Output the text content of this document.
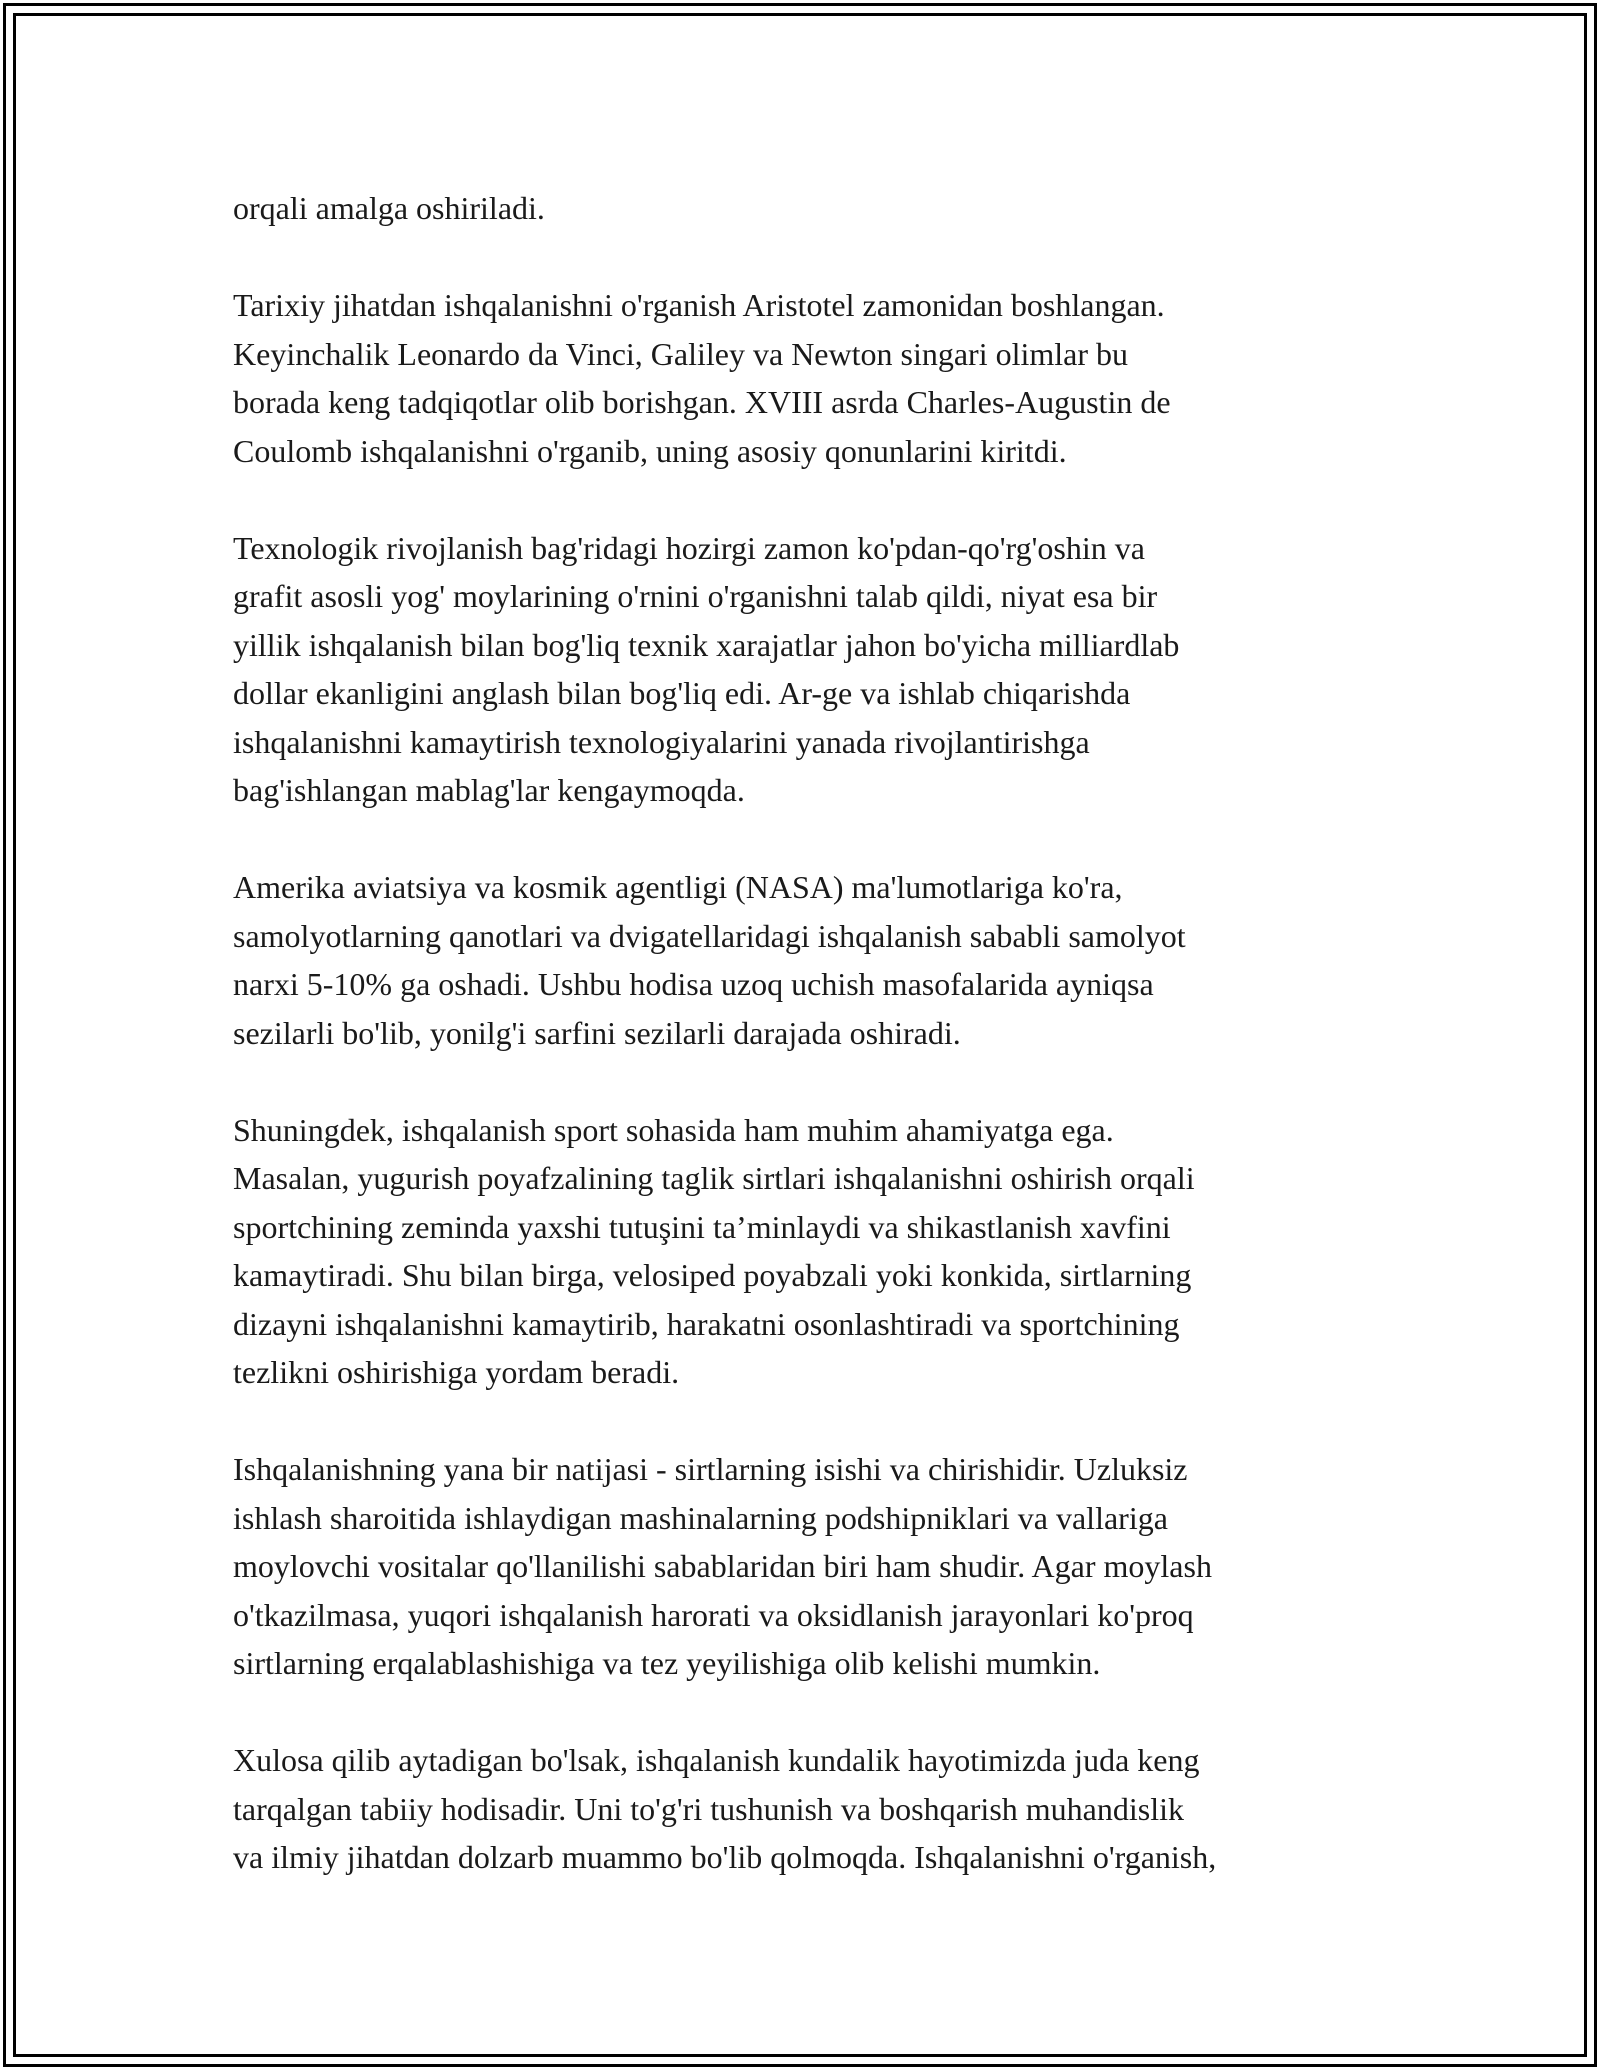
orqali amalga oshiriladi.

Tarixiy jihatdan ishqalanishni o'rganish Aristotel zamonidan boshlangan.
Keyinchalik Leonardo da Vinci, Galiley va Newton singari olimlar bu
borada keng tadqiqotlar olib borishgan. XVIII asrda Charles-Augustin de
Coulomb ishqalanishni o'rganib, uning asosiy qonunlarini kiritdi.

Texnologik rivojlanish bag'ridagi hozirgi zamon ko'pdan-qo'rg'oshin va
grafit asosli yog' moylarining o'rnini o'rganishni talab qildi, niyat esa bir
yillik ishqalanish bilan bog'liq texnik xarajatlar jahon bo'yicha milliardlab
dollar ekanligini anglash bilan bog'liq edi. Ar-ge va ishlab chiqarishda
ishqalanishni kamaytirish texnologiyalarini yanada rivojlantirishga
bag'ishlangan mablag'lar kengaymoqda.

Amerika aviatsiya va kosmik agentligi (NASA) ma'lumotlariga ko'ra,
samolyotlarning qanotlari va dvigatellaridagi ishqalanish sababli samolyot
narxi 5-10% ga oshadi. Ushbu hodisa uzoq uchish masofalarida ayniqsa
sezilarli bo'lib, yonilg'i sarfini sezilarli darajada oshiradi.

Shuningdek, ishqalanish sport sohasida ham muhim ahamiyatga ega.
Masalan, yugurish poyafzalining taglik sirtlari ishqalanishni oshirish orqali
sportchining zeminda yaxshi tutuşini ta’minlaydi va shikastlanish xavfini
kamaytiradi. Shu bilan birga, velosiped poyabzali yoki konkida, sirtlarning
dizayni ishqalanishni kamaytirib, harakatni osonlashtiradi va sportchining
tezlikni oshirishiga yordam beradi.

Ishqalanishning yana bir natijasi - sirtlarning isishi va chirishidir. Uzluksiz
ishlash sharoitida ishlaydigan mashinalarning podshipniklari va vallariga
moylovchi vositalar qo'llanilishi sabablaridan biri ham shudir. Agar moylash
o'tkazilmasa, yuqori ishqalanish harorati va oksidlanish jarayonlari ko'proq
sirtlarning erqalablashishiga va tez yeyilishiga olib kelishi mumkin.

Xulosa qilib aytadigan bo'lsak, ishqalanish kundalik hayotimizda juda keng
tarqalgan tabiiy hodisadir. Uni to'g'ri tushunish va boshqarish muhandislik
va ilmiy jihatdan dolzarb muammo bo'lib qolmoqda. Ishqalanishni o'rganish,
